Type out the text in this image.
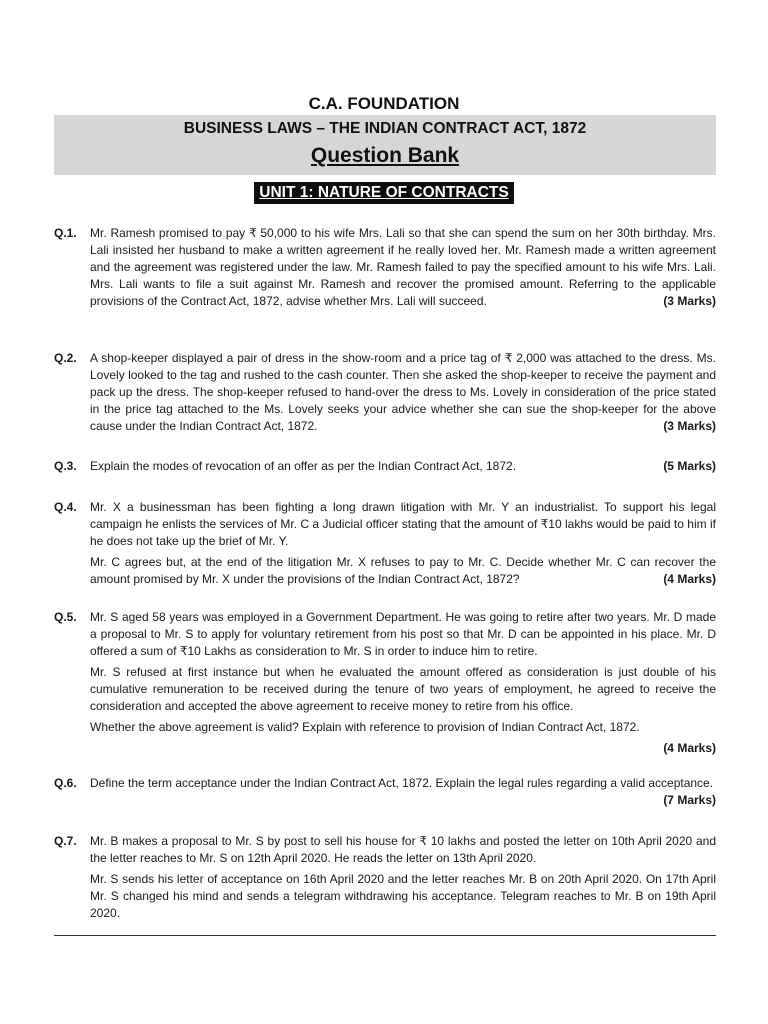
C.A. FOUNDATION
BUSINESS LAWS – THE INDIAN CONTRACT ACT, 1872
Question Bank
UNIT 1: NATURE OF CONTRACTS
Q.1.	Mr. Ramesh promised to pay ₹ 50,000 to his wife Mrs. Lali so that she can spend the sum on her 30th birthday. Mrs. Lali insisted her husband to make a written agreement if he really loved her. Mr. Ramesh made a written agreement and the agreement was registered under the law. Mr. Ramesh failed to pay the specified amount to his wife Mrs. Lali. Mrs. Lali wants to file a suit against Mr. Ramesh and recover the promised amount. Referring to the applicable provisions of the Contract Act, 1872, advise whether Mrs. Lali will succeed.	(3 Marks)

Q.2.	A shop-keeper displayed a pair of dress in the show-room and a price tag of ₹ 2,000 was attached to the dress. Ms. Lovely looked to the tag and rushed to the cash counter. Then she asked the shop-keeper to receive the payment and pack up the dress. The shop-keeper refused to hand-over the dress to Ms. Lovely in consideration of the price stated in the price tag attached to the Ms. Lovely seeks your advice whether she can sue the shop-keeper for the above cause under the Indian Contract Act, 1872.	(3 Marks)

Q.3.	(5 Marks)
Explain the modes of revocation of an offer as per the Indian Contract Act, 1872.

Q.4.	Mr. X a businessman has been fighting a long drawn litigation with Mr. Y an industrialist. To support his legal campaign he enlists the services of Mr. C a Judicial officer stating that the amount of ₹10 lakhs would be paid to him if he does not take up the brief of Mr. Y.

Mr. C agrees but, at the end of the litigation Mr. X refuses to pay to Mr. C. Decide whether Mr. C can recover the amount promised by Mr. X under the provisions of the Indian Contract Act, 1872?	(4 Marks)

Q.5.	Mr. S aged 58 years was employed in a Government Department. He was going to retire after two years. Mr. D made a proposal to Mr. S to apply for voluntary retirement from his post so that Mr. D can be appointed in his place. Mr. D offered a sum of ₹10 Lakhs as consideration to Mr. S in order to induce him to retire.

Mr. S refused at first instance but when he evaluated the amount offered as consideration is just double of his cumulative remuneration to be received during the tenure of two years of employment, he agreed to receive the consideration and accepted the above agreement to receive money to retire from his office.

Whether the above agreement is valid? Explain with reference to provision of Indian Contract Act, 1872.

(4 Marks)
Q.6.	Define the term acceptance under the Indian Contract Act, 1872. Explain the legal rules regarding a valid acceptance.
(7 Marks)

Q.7.	Mr. B makes a proposal to Mr. S by post to sell his house for ₹ 10 lakhs and posted the letter on 10th April 2020 and the letter reaches to Mr. S on 12th April 2020. He reads the letter on 13th April 2020.

Mr. S sends his letter of acceptance on 16th April 2020 and the letter reaches Mr. B on 20th April 2020. On 17th April Mr. S changed his mind and sends a telegram withdrawing his acceptance. Telegram reaches to Mr. B on 19th April 2020.
